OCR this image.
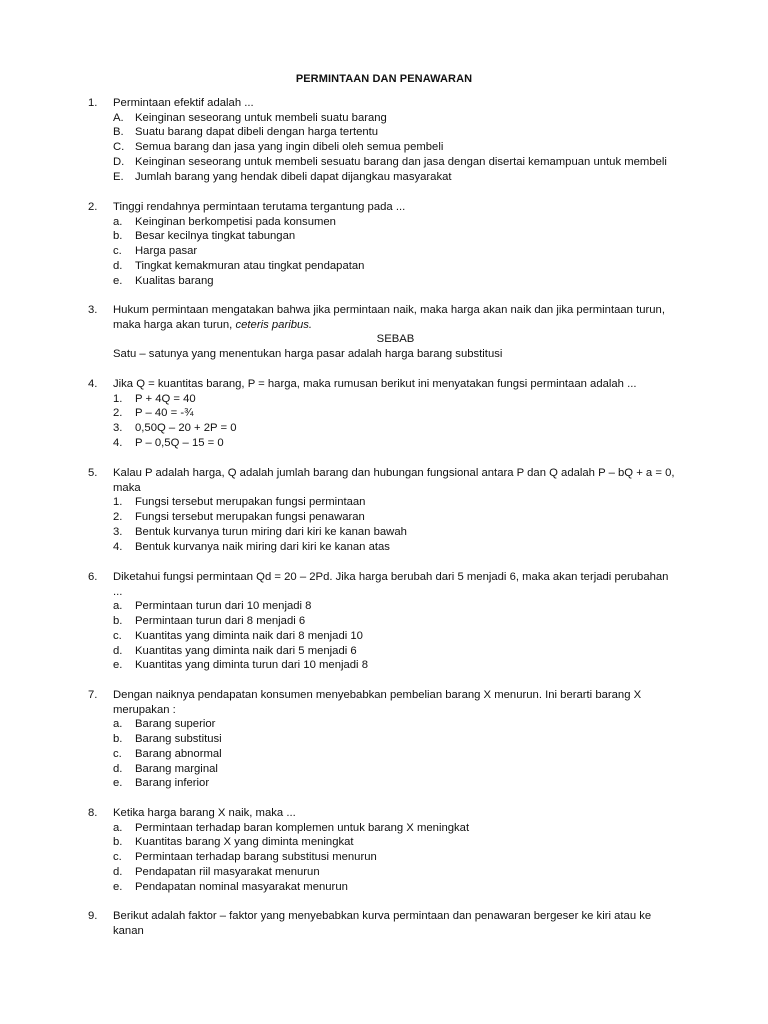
PERMINTAAN DAN PENAWARAN
1.	Permintaan efektif adalah ...
A.	Keinginan seseorang untuk membeli suatu barang
B.	Suatu barang dapat dibeli dengan harga tertentu
C. Semua barang dan jasa yang ingin dibeli oleh semua pembeli
D. Keinginan seseorang untuk membeli sesuatu barang dan jasa dengan disertai kemampuan untuk membeli
E.	Jumlah barang yang hendak dibeli dapat dijangkau masyarakat
2.	Tinggi rendahnya permintaan terutama tergantung pada ...
a.	Keinginan berkompetisi pada konsumen
b.	Besar kecilnya tingkat tabungan
c.	Harga pasar
d.	Tingkat kemakmuran atau tingkat pendapatan
e.	Kualitas barang
3.	Hukum permintaan mengatakan bahwa jika permintaan naik, maka harga akan naik dan jika permintaan turun,
maka harga akan turun, ceteris paribus.
SEBAB
Satu – satunya yang menentukan harga pasar adalah harga barang substitusi
4.	Jika Q = kuantitas barang, P = harga, maka rumusan berikut ini menyatakan fungsi permintaan adalah ...
1.	P + 4Q = 40
2.	P – 40 = -¾
3.	0,50Q – 20 + 2P = 0
4.	P – 0,5Q – 15 = 0
5.	Kalau P adalah harga, Q adalah jumlah barang dan hubungan fungsional antara P dan Q adalah P – bQ + a = 0, maka
1.	Fungsi tersebut merupakan fungsi permintaan
2.	Fungsi tersebut merupakan fungsi penawaran
3.	Bentuk kurvanya turun miring dari kiri ke kanan bawah
4.	Bentuk kurvanya naik miring dari kiri ke kanan atas
6.	Diketahui fungsi permintaan Qd = 20 – 2Pd. Jika harga berubah dari 5 menjadi 6, maka akan terjadi perubahan ...
a.	Permintaan turun dari 10 menjadi 8
b.	Permintaan turun dari 8 menjadi 6
c.	Kuantitas yang diminta naik dari 8 menjadi 10
d.	Kuantitas yang diminta naik dari 5 menjadi 6
e.	Kuantitas yang diminta turun dari 10 menjadi 8
7.	Dengan naiknya pendapatan konsumen menyebabkan pembelian barang X menurun. Ini berarti barang X merupakan :
a.	Barang superior
b.	Barang substitusi
c.	Barang abnormal
d.	Barang marginal
e.	Barang inferior
8.	Ketika harga barang X naik, maka ...
a.	Permintaan terhadap baran komplemen untuk barang X meningkat
b.	Kuantitas barang X yang diminta meningkat
c.	Permintaan terhadap barang substitusi menurun
d.	Pendapatan riil masyarakat menurun
e.	Pendapatan nominal masyarakat menurun
9.	Berikut adalah faktor – faktor yang menyebabkan kurva permintaan dan penawaran bergeser ke kiri atau ke kanan
